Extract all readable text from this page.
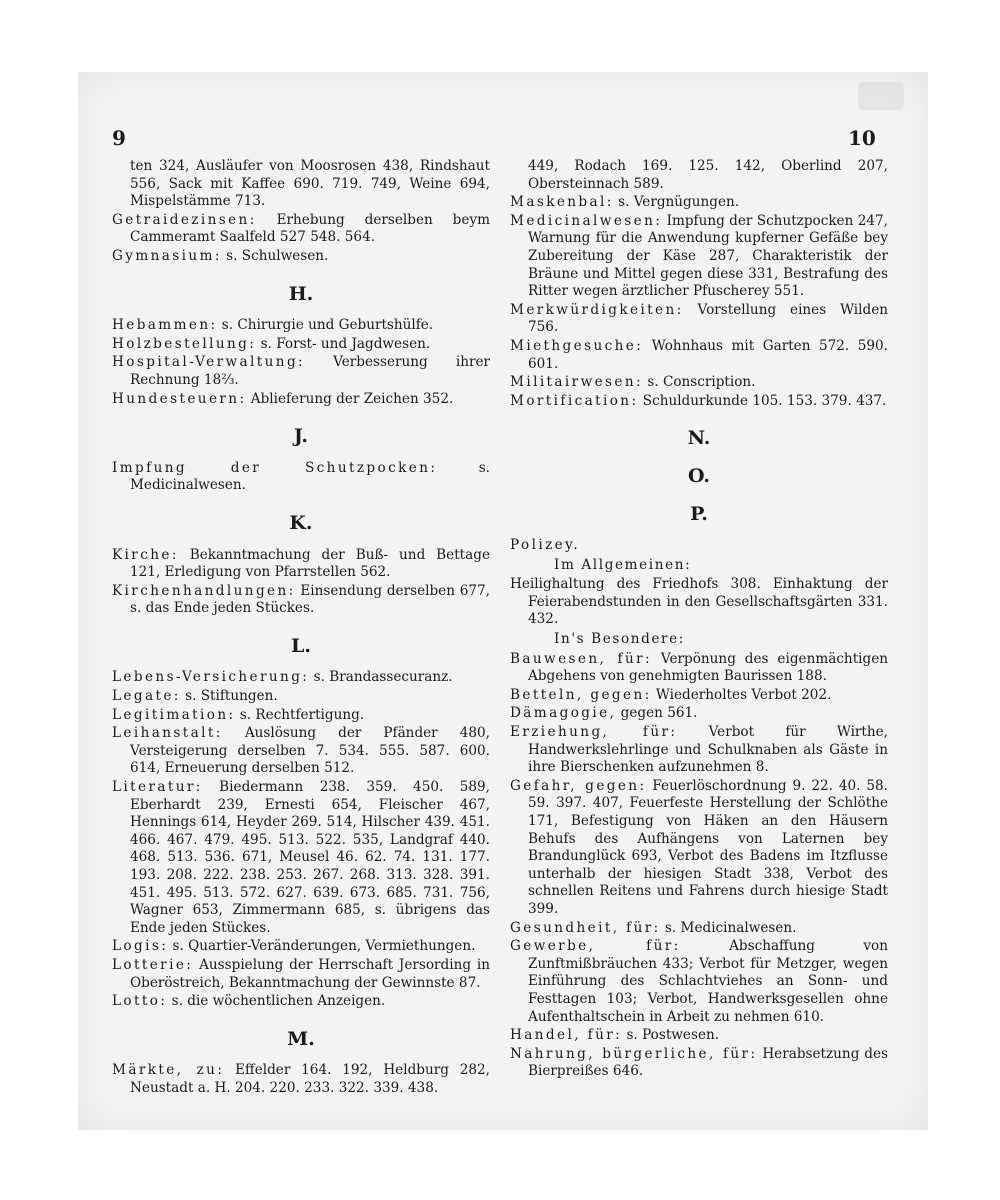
9	10
ten 324, Ausläufer von Moosrosen 438, Rindshaut 556, Sack mit Kaffee 690. 719. 749, Weine 694, Mispelstämme 713.
Getraidezinsen: Erhebung derselben beym Cammeramt Saalfeld 527 548. 564.
Gymnasium: s. Schulwesen.
H.
Hebammen: s. Chirurgie und Geburtshülfe.
Holzbestellung: s. Forst- und Jagdwesen.
Hospital-Verwaltung: Verbesserung ihrer Rechnung 18⅔.
Hundesteuern: Ablieferung der Zeichen 352.
J.
Impfung der Schutzpocken: s. Medicinalwesen.
K.
Kirche: Bekanntmachung der Buß- und Bettage 121, Erledigung von Pfarrstellen 562.
Kirchenhandlungen: Einsendung derselben 677, s. das Ende jeden Stückes.
L.
Lebens-Versicherung: s. Brandassecuranz.
Legate: s. Stiftungen.
Legitimation: s. Rechtfertigung.
Leihanstalt: Auslösung der Pfänder 480, Versteigerung derselben 7. 534. 555. 587. 600. 614, Erneuerung derselben 512.
Literatur: Biedermann 238. 359. 450. 589, Eberhardt 239, Ernesti 654, Fleischer 467, Hennings 614, Heyder 269. 514, Hilscher 439. 451. 466. 467. 479. 495. 513. 522. 535, Landgraf 440. 468. 513. 536. 671, Meusel 46. 62. 74. 131. 177. 193. 208. 222. 238. 253. 267. 268. 313. 328. 391. 451. 495. 513. 572. 627. 639. 673. 685. 731. 756, Wagner 653, Zimmermann 685, s. übrigens das Ende jeden Stückes.
Logis: s. Quartier-Veränderungen, Vermiethungen.
Lotterie: Ausspielung der Herrschaft Jersording in Oberöstreich, Bekanntmachung der Gewinnste 87.
Lotto: s. die wöchentlichen Anzeigen.
M.
Märkte, zu: Effelder 164. 192, Heldburg 282, Neustadt a. H. 204. 220. 233. 322. 339. 438.
449, Rodach 169. 125. 142, Oberlind 207, Obersteinnach 589.
Maskenbal: s. Vergnügungen.
Medicinalwesen: Impfung der Schutzpocken 247, Warnung für die Anwendung kupferner Gefäße bey Zubereitung der Käse 287, Charakteristik der Bräune und Mittel gegen diese 331, Bestrafung des Ritter wegen ärztlicher Pfuscherey 551.
Merkwürdigkeiten: Vorstellung eines Wilden 756.
Miethgesuche: Wohnhaus mit Garten 572. 590. 601.
Militairwesen: s. Conscription.
Mortification: Schuldurkunde 105. 153. 379. 437.
N.
O.
P.
Polizey.
Im Allgemeinen:
Heilighaltung des Friedhofs 308. Einhaktung der Feierabendstunden in den Gesellschaftsgärten 331. 432.
In's Besondere:
Bauwesen, für: Verpönung des eigenmächtigen Abgehens von genehmigten Baurissen 188.
Betteln, gegen: Wiederholtes Verbot 202.
Dämagogie, gegen 561.
Erziehung, für: Verbot für Wirthe, Handwerkslehrlinge und Schulknaben als Gäste in ihre Bierschenken aufzunehmen 8.
Gefahr, gegen: Feuerlöschordnung 9. 22. 40. 58. 59. 397. 407, Feuerfeste Herstellung der Schlöthe 171, Befestigung von Häken an den Häusern Behufs des Aufhängens von Laternen bey Brandunglück 693, Verbot des Badens im Itzflusse unterhalb der hiesigen Stadt 338, Verbot des schnellen Reitens und Fahrens durch hiesige Stadt 399.
Gesundheit, für: s. Medicinalwesen.
Gewerbe, für: Abschaffung von Zunftmißbräuchen 433; Verbot für Metzger, wegen Einführung des Schlachtviehes an Sonn- und Festtagen 103; Verbot, Handwerksgesellen ohne Aufenthaltschein in Arbeit zu nehmen 610.
Handel, für: s. Postwesen.
Nahrung, bürgerliche, für: Herabsetzung des Bierpreißes 646.
